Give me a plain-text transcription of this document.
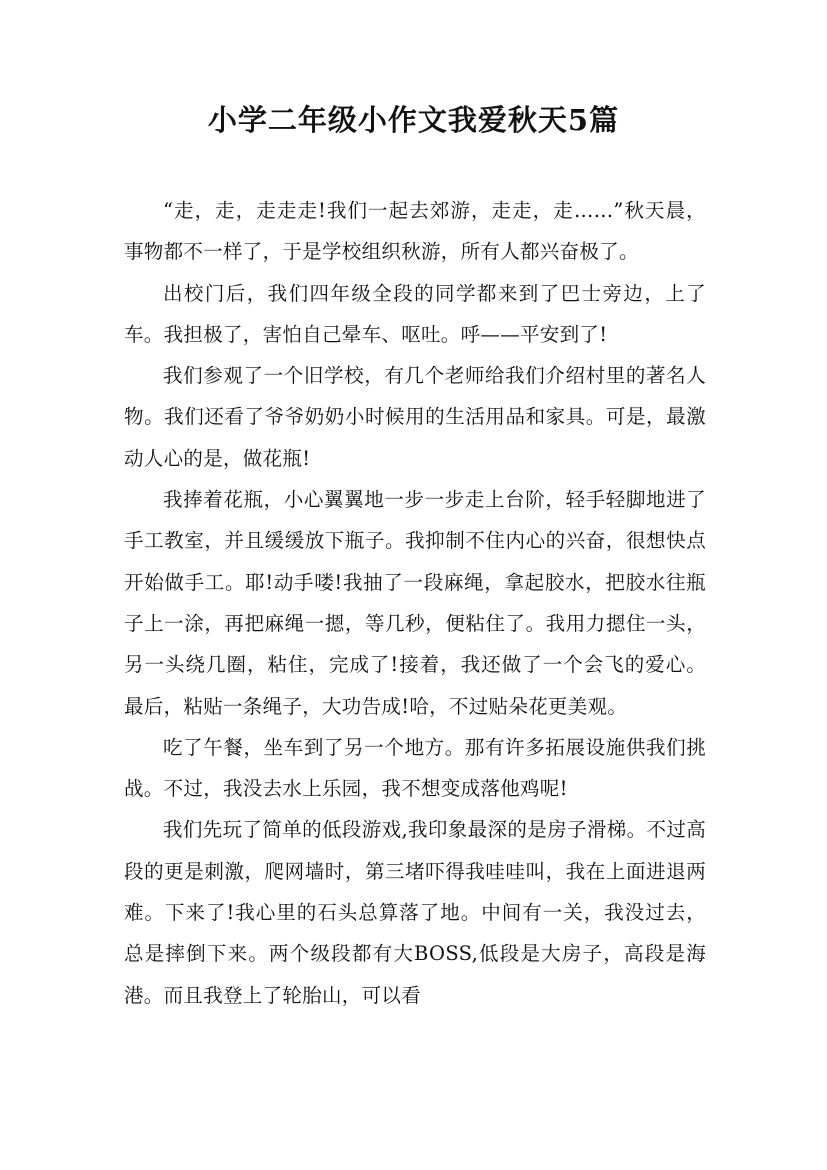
小学二年级小作文我爱秋天5篇

“走，走，走走走!我们一起去郊游，走走，走……”秋天晨，事物都不一样了，于是学校组织秋游，所有人都兴奋极了。

出校门后，我们四年级全段的同学都来到了巴士旁边，上了车。我担极了，害怕自己晕车、呕吐。呼——平安到了!

我们参观了一个旧学校，有几个老师给我们介绍村里的著名人物。我们还看了爷爷奶奶小时候用的生活用品和家具。可是，最激动人心的是，做花瓶!

我捧着花瓶，小心翼翼地一步一步走上台阶，轻手轻脚地进了手工教室，并且缓缓放下瓶子。我抑制不住内心的兴奋，很想快点开始做手工。耶!动手喽!我抽了一段麻绳，拿起胶水，把胶水往瓶子上一涂，再把麻绳一摁，等几秒，便粘住了。我用力摁住一头，另一头绕几圈，粘住，完成了!接着，我还做了一个会飞的爱心。最后，粘贴一条绳子，大功告成!哈，不过贴朵花更美观。

吃了午餐，坐车到了另一个地方。那有许多拓展设施供我们挑战。不过，我没去水上乐园，我不想变成落他鸡呢!

我们先玩了简单的低段游戏,我印象最深的是房子滑梯。不过高段的更是刺激，爬网墙时，第三堵吓得我哇哇叫，我在上面进退两难。下来了!我心里的石头总算落了地。中间有一关，我没过去，总是摔倒下来。两个级段都有大BOSS,低段是大房子，高段是海港。而且我登上了轮胎山，可以看
